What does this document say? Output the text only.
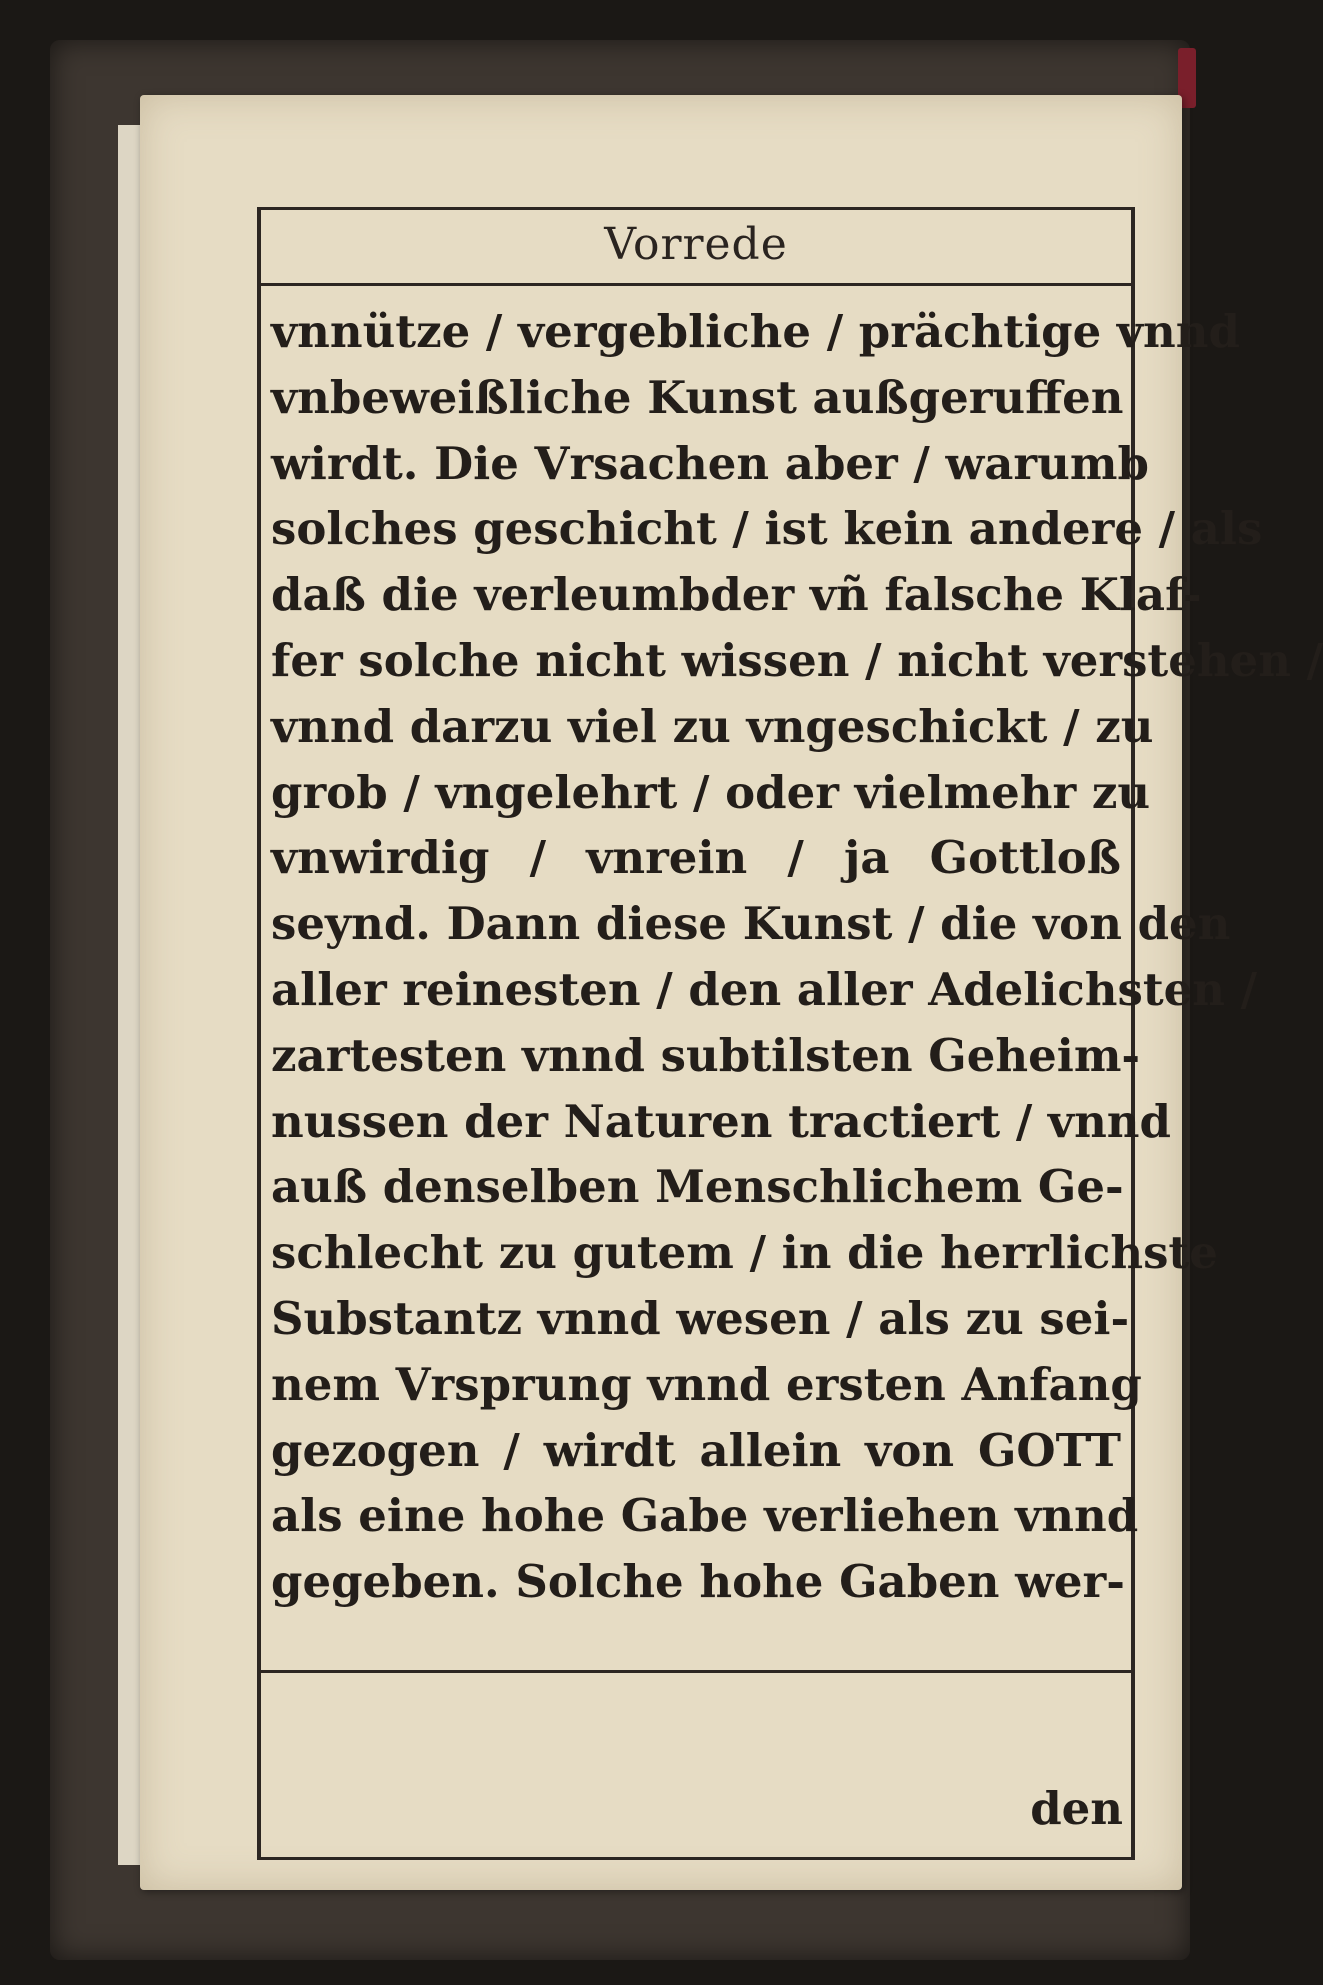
Vorrede
vnnütze / vergebliche / prächtige vnnd
vnbeweißliche Kunst außgeruffen
wirdt. Die Vrsachen aber / warumb
solches geschicht / ist kein andere / als
daß die verleumbder vñ falsche Klaf-
fer solche nicht wissen / nicht verstehen /
vnnd darzu viel zu vngeschickt / zu
grob / vngelehrt / oder vielmehr zu
vnwirdig / vnrein / ja Gottloß
seynd. Dann diese Kunst / die von den
aller reinesten / den aller Adelichsten /
zartesten vnnd subtilsten Geheim-
nussen der Naturen tractiert / vnnd
auß denselben Menschlichem Ge-
schlecht zu gutem / in die herrlichste
Substantz vnnd wesen / als zu sei-
nem Vrsprung vnnd ersten Anfang
gezogen / wirdt allein von GOTT
als eine hohe Gabe verliehen vnnd
gegeben. Solche hohe Gaben wer-
den
